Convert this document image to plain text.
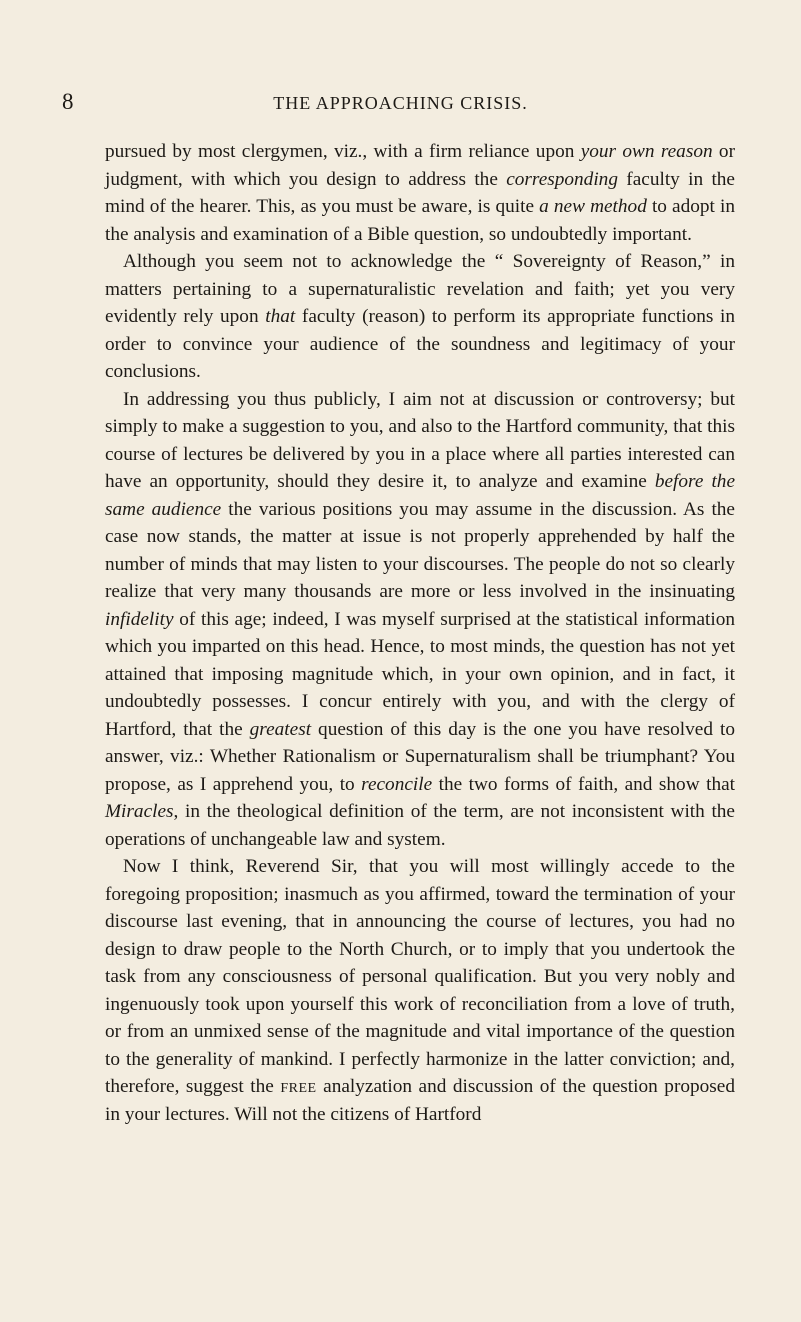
8	THE APPROACHING CRISIS.

pursued by most clergymen, viz., with a firm reliance upon your own reason or judgment, with which you design to address the corresponding faculty in the mind of the hearer. This, as you must be aware, is quite a new method to adopt in the analysis and examination of a Bible question, so undoubtedly important.

Although you seem not to acknowledge the “ Sovereignty of Reason,” in matters pertaining to a supernaturalistic revelation and faith; yet you very evidently rely upon that faculty (reason) to perform its appropriate functions in order to convince your audience of the soundness and legitimacy of your conclusions.

In addressing you thus publicly, I aim not at discussion or controversy; but simply to make a suggestion to you, and also to the Hartford community, that this course of lectures be delivered by you in a place where all parties interested can have an opportunity, should they desire it, to analyze and examine before the same audience the various positions you may assume in the discussion. As the case now stands, the matter at issue is not properly apprehended by half the number of minds that may listen to your discourses. The people do not so clearly realize that very many thousands are more or less involved in the insinuating infidelity of this age; indeed, I was myself surprised at the statistical information which you imparted on this head. Hence, to most minds, the question has not yet attained that imposing magnitude which, in your own opinion, and in fact, it undoubtedly possesses. I concur entirely with you, and with the clergy of Hartford, that the greatest question of this day is the one you have resolved to answer, viz.: Whether Rationalism or Supernaturalism shall be triumphant? You propose, as I apprehend you, to reconcile the two forms of faith, and show that Miracles, in the theological definition of the term, are not inconsistent with the operations of unchangeable law and system.

Now I think, Reverend Sir, that you will most willingly accede to the foregoing proposition; inasmuch as you affirmed, toward the termination of your discourse last evening, that in announcing the course of lectures, you had no design to draw people to the North Church, or to imply that you undertook the task from any consciousness of personal qualification. But you very nobly and ingenuously took upon yourself this work of reconciliation from a love of truth, or from an unmixed sense of the magnitude and vital importance of the question to the generality of mankind. I perfectly harmonize in the latter conviction; and, therefore, suggest the free analyzation and discussion of the question proposed in your lectures. Will not the citizens of Hartford
